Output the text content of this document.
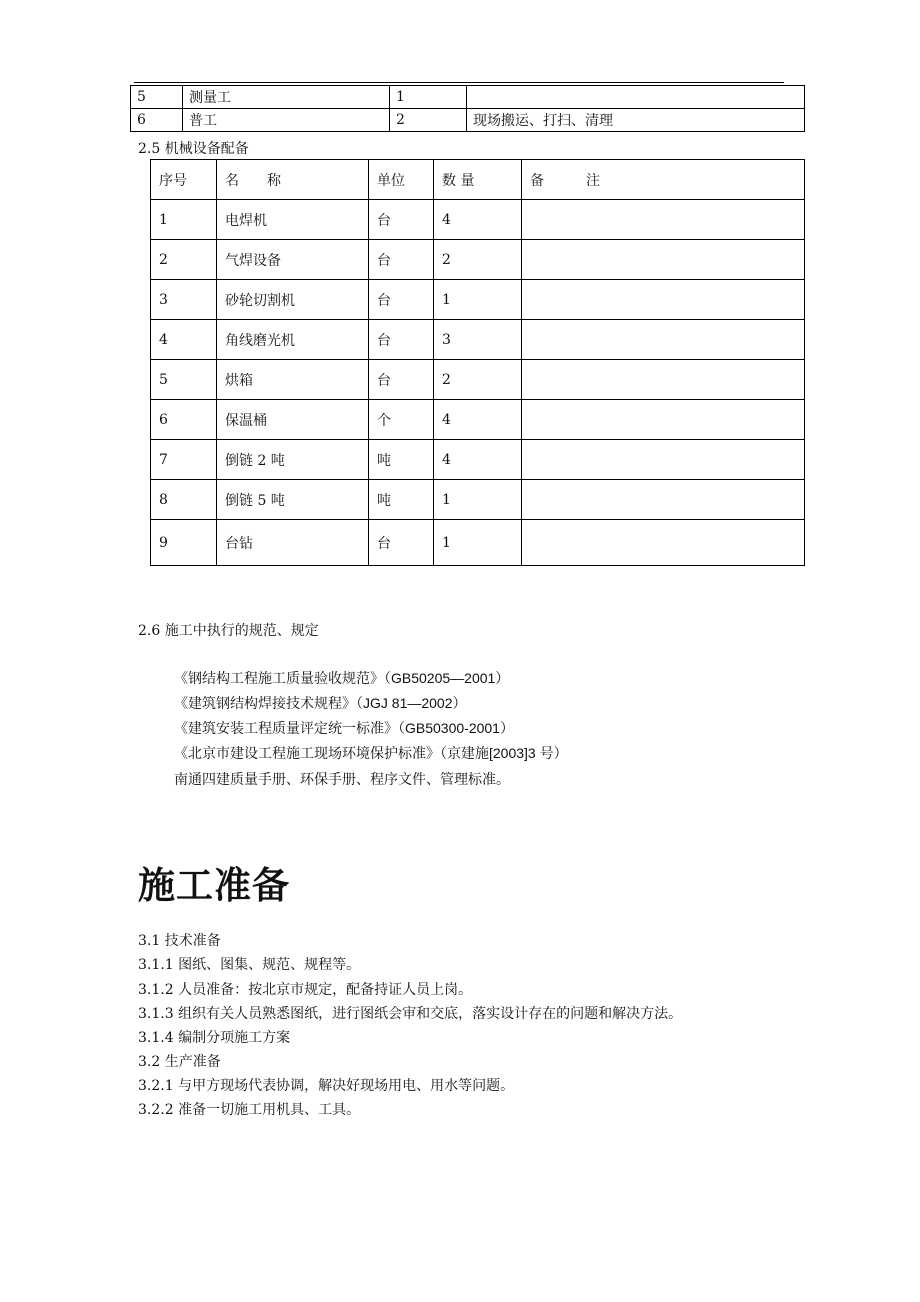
5	测量工	1	
6	普工	2	现场搬运、打扫、清理
2.5 机械设备配备
序号	名　　称	单位	数 量	备　　　注
1	电焊机	台	4	
2	气焊设备	台	2	
3	砂轮切割机	台	1	
4	角线磨光机	台	3	
5	烘箱	台	2	
6	保温桶	个	4	
7	倒链 2 吨	吨	4	
8	倒链 5 吨	吨	1	
9	台钻	台	1	
2.6 施工中执行的规范、规定
《钢结构工程施工质量验收规范》（GB50205—2001）
《建筑钢结构焊接技术规程》（JGJ 81—2002）
《建筑安装工程质量评定统一标准》（GB50300-2001）
《北京市建设工程施工现场环境保护标准》（京建施[2003]3 号）
南通四建质量手册、环保手册、程序文件、管理标准。
施工准备
3.1 技术准备
3.1.1 图纸、图集、规范、规程等。
3.1.2 人员准备：按北京市规定，配备持证人员上岗。
3.1.3 组织有关人员熟悉图纸，进行图纸会审和交底，落实设计存在的问题和解决方法。
3.1.4 编制分项施工方案
3.2 生产准备
3.2.1 与甲方现场代表协调，解决好现场用电、用水等问题。
3.2.2 准备一切施工用机具、工具。
